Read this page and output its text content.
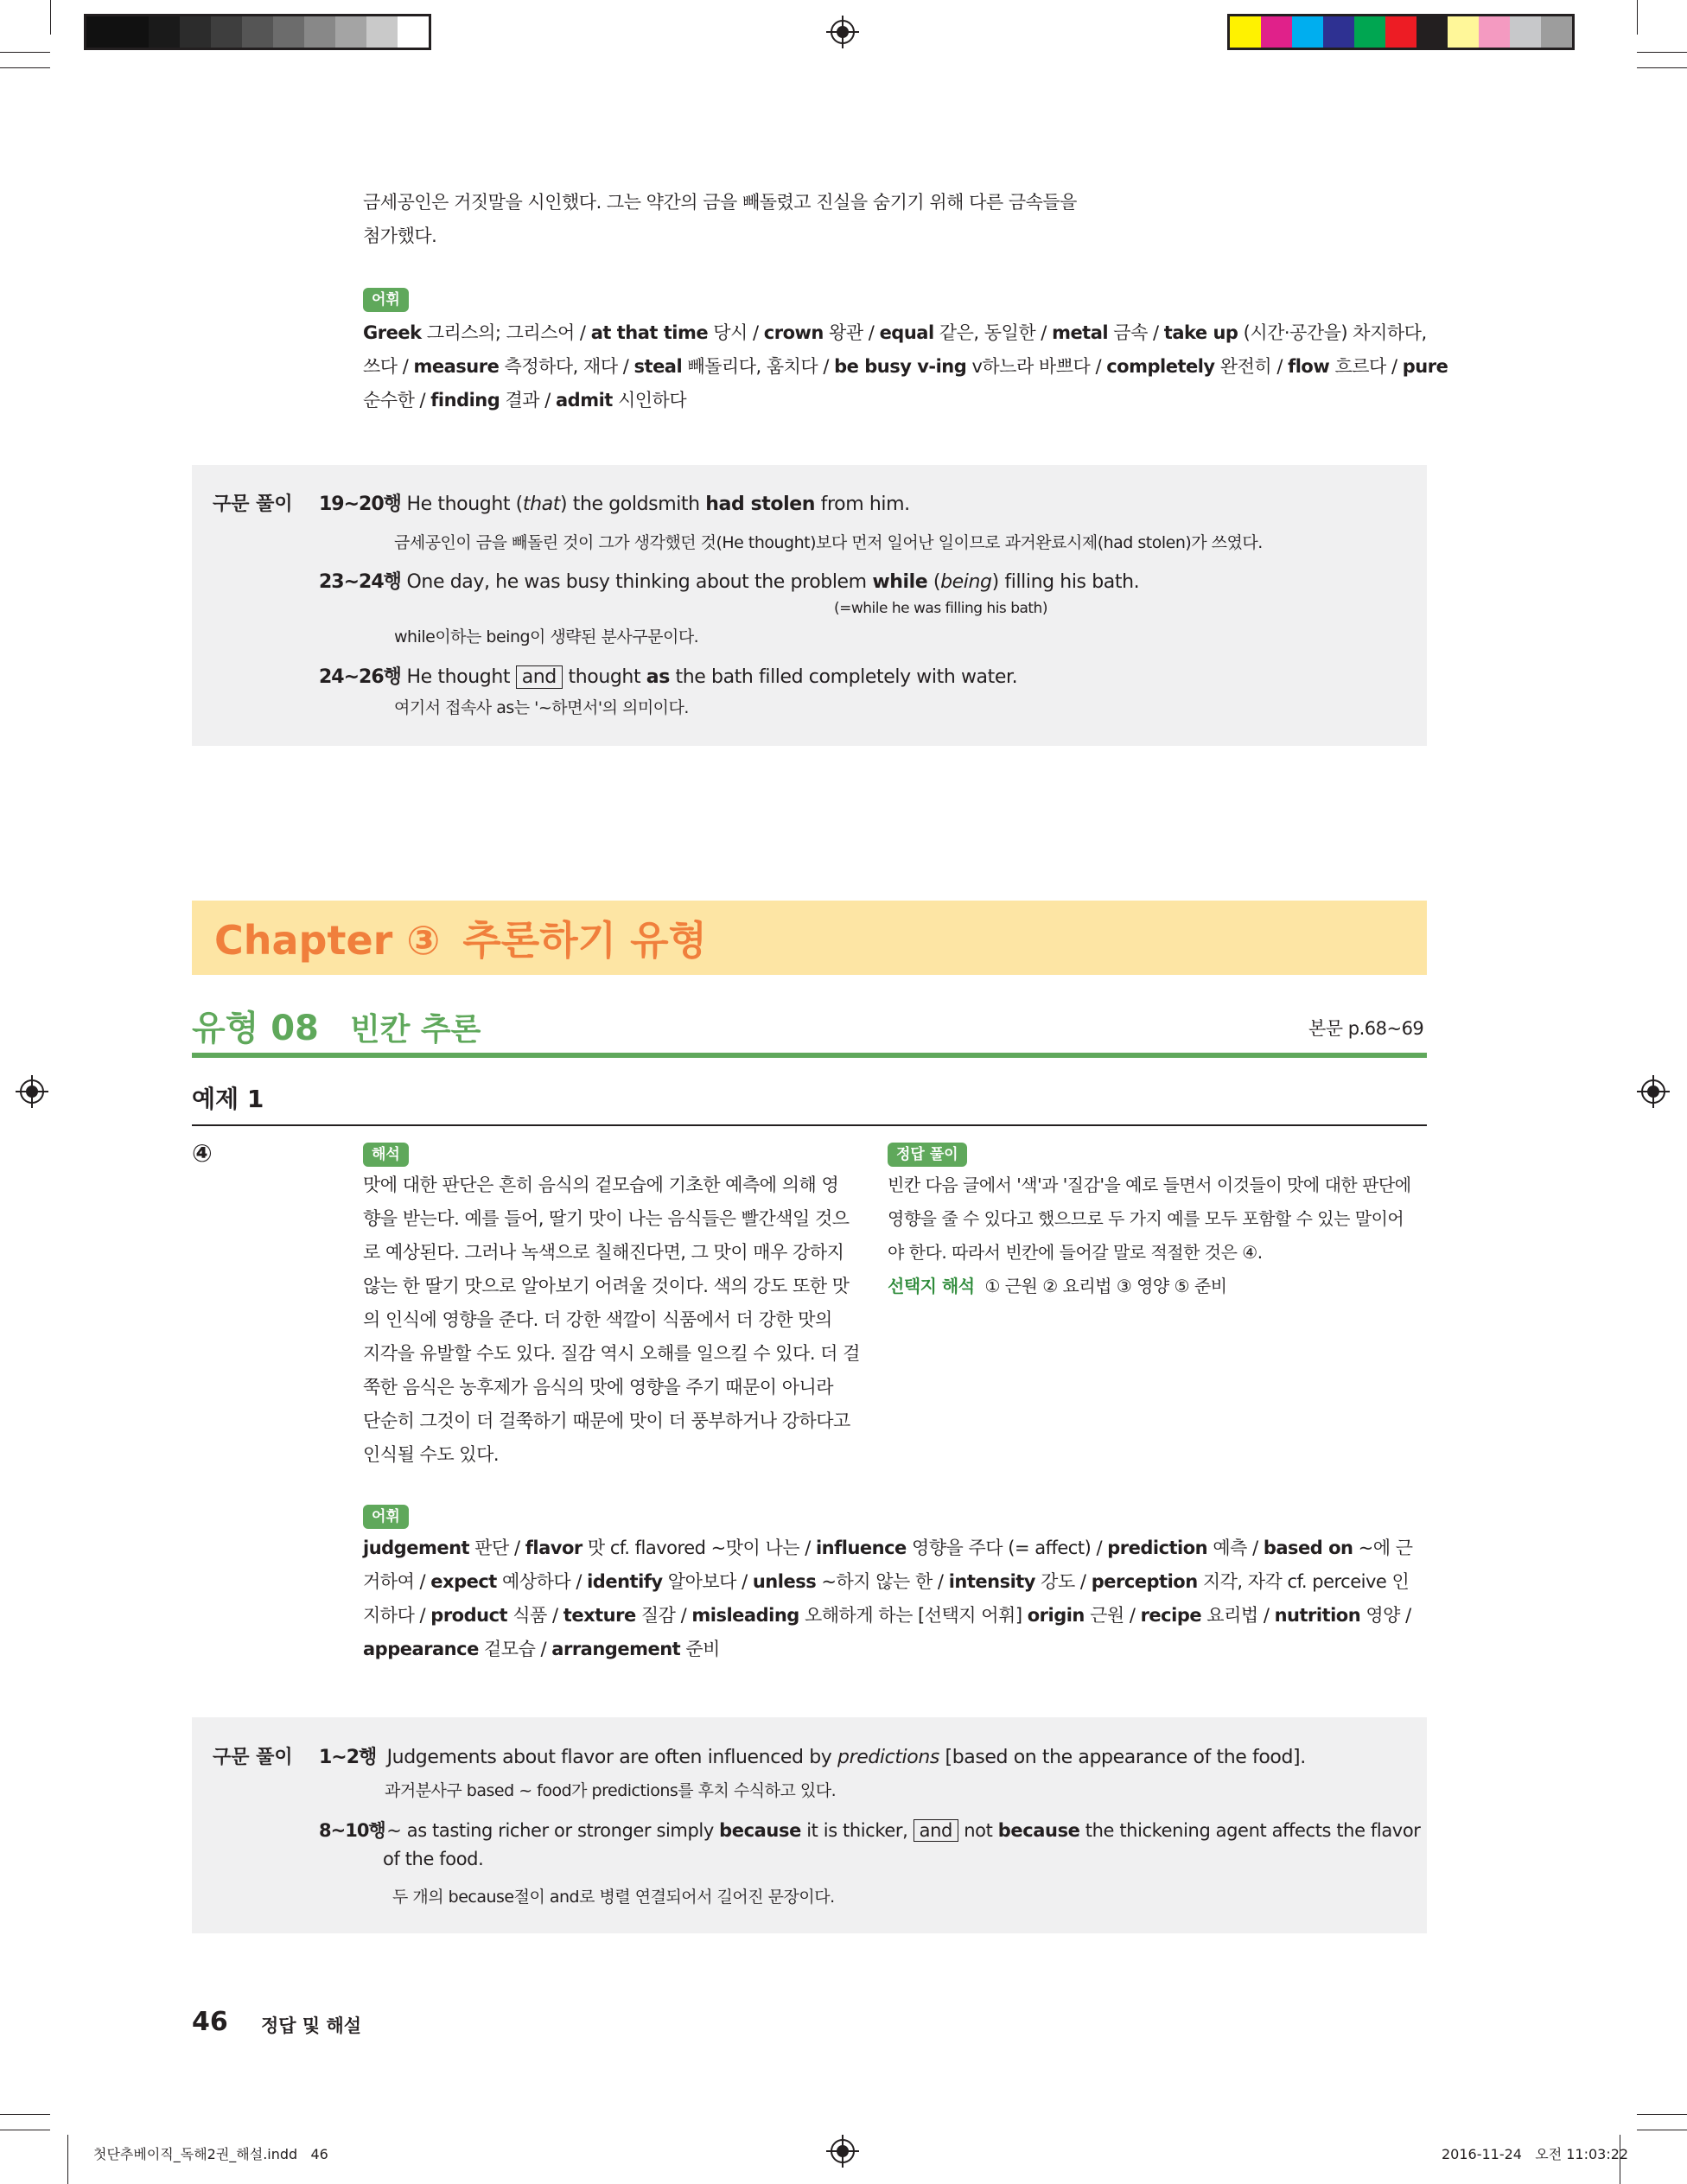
금세공인은 거짓말을 시인했다. 그는 약간의 금을 빼돌렸고 진실을 숨기기 위해 다른 금속들을
첨가했다.
어휘
Greek 그리스의; 그리스어 / at that time 당시 / crown 왕관 / equal 같은, 동일한 / metal 금속 / take up (시간·공간을) 차지하다,
쓰다 / measure 측정하다, 재다 / steal 빼돌리다, 훔치다 / be busy v-ing v하느라 바쁘다 / completely 완전히 / flow 흐르다 / pure
순수한 / finding 결과 / admit 시인하다
구문 풀이 19~20행 He thought (that) the goldsmith had stolen from him.
금세공인이 금을 빼돌린 것이 그가 생각했던 것(He thought)보다 먼저 일어난 일이므로 과거완료시제(had stolen)가 쓰였다.
23~24행 One day, he was busy thinking about the problem while (being) filling his bath.
(=while he was filling his bath)
while이하는 being이 생략된 분사구문이다.
24~26행 He thought and thought as the bath filled completely with water.
여기서 접속사 as는 '~하면서'의 의미이다.
Chapter ③ 추론하기 유형
유형 08 빈칸 추론	본문 p.68~69
예제 1
④	해석
맛에 대한 판단은 흔히 음식의 겉모습에 기초한 예측에 의해 영
향을 받는다. 예를 들어, 딸기 맛이 나는 음식들은 빨간색일 것으
로 예상된다. 그러나 녹색으로 칠해진다면, 그 맛이 매우 강하지
않는 한 딸기 맛으로 알아보기 어려울 것이다. 색의 강도 또한 맛
의 인식에 영향을 준다. 더 강한 색깔이 식품에서 더 강한 맛의
지각을 유발할 수도 있다. 질감 역시 오해를 일으킬 수 있다. 더 걸
쭉한 음식은 농후제가 음식의 맛에 영향을 주기 때문이 아니라
단순히 그것이 더 걸쭉하기 때문에 맛이 더 풍부하거나 강하다고
인식될 수도 있다.
정답 풀이
빈칸 다음 글에서 '색'과 '질감'을 예로 들면서 이것들이 맛에 대한 판단에
영향을 줄 수 있다고 했으므로 두 가지 예를 모두 포함할 수 있는 말이어
야 한다. 따라서 빈칸에 들어갈 말로 적절한 것은 ④.
선택지 해석 ① 근원 ② 요리법 ③ 영양 ⑤ 준비
어휘
judgement 판단 / flavor 맛 cf. flavored ~맛이 나는 / influence 영향을 주다 (= affect) / prediction 예측 / based on ~에 근
거하여 / expect 예상하다 / identify 알아보다 / unless ~하지 않는 한 / intensity 강도 / perception 지각, 자각 cf. perceive 인
지하다 / product 식품 / texture 질감 / misleading 오해하게 하는 [선택지 어휘] origin 근원 / recipe 요리법 / nutrition 영양 /
appearance 겉모습 / arrangement 준비
구문 풀이 1~2행 Judgements about flavor are often influenced by predictions [based on the appearance of the food].
과거분사구 based ~ food가 predictions를 후치 수식하고 있다.
8~10행 ~ as tasting richer or stronger simply because it is thicker, and not because the thickening agent affects the flavor
of the food.
두 개의 because절이 and로 병렬 연결되어서 길어진 문장이다.
46 정답 및 해설
첫단추베이직_독해2권_해설.indd   46	2016-11-24   오전 11:03:22
